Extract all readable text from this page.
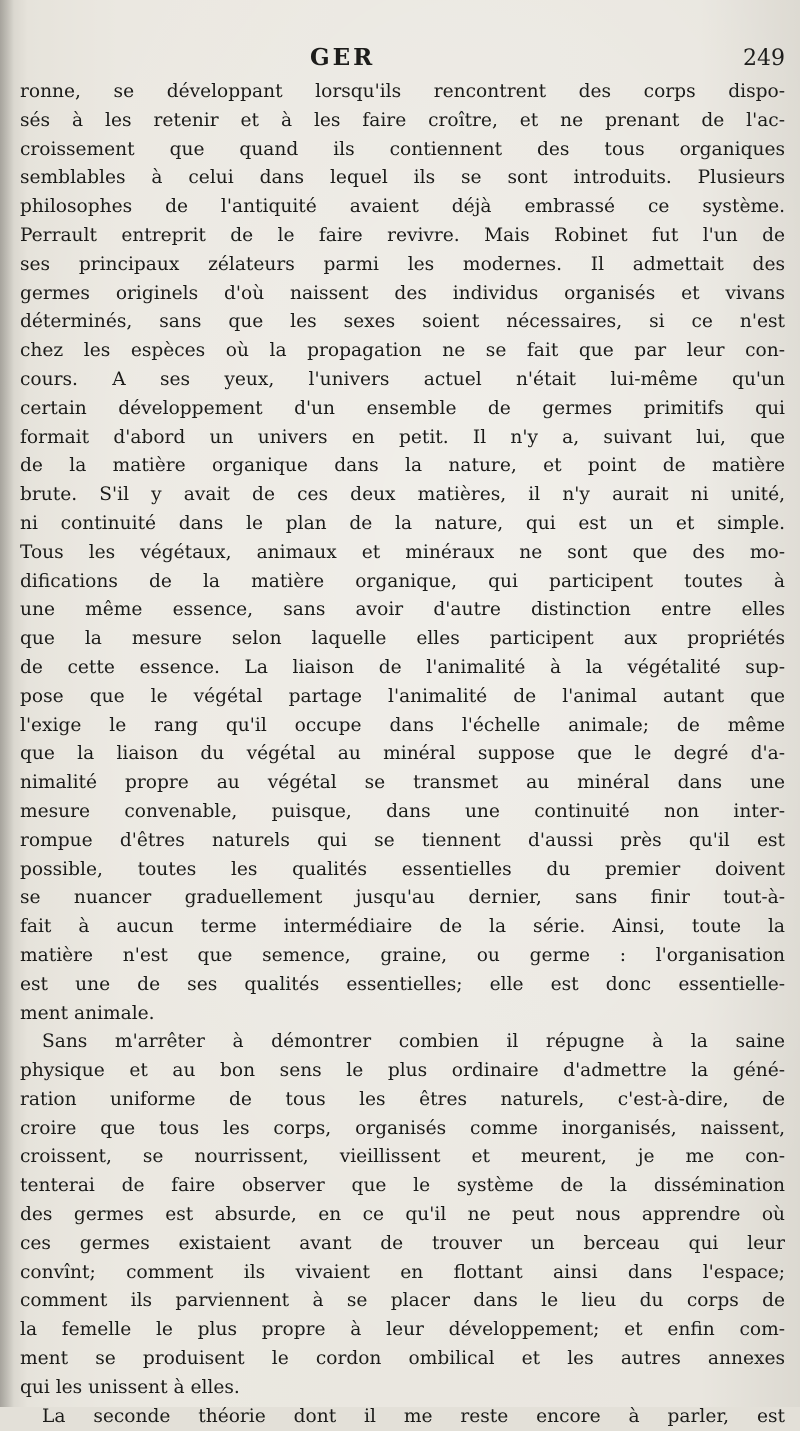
GER	249
ronne, se développant lorsqu'ils rencontrent des corps dispo-
sés à les retenir et à les faire croître, et ne prenant de l'ac-
croissement que quand ils contiennent des tous organiques
semblables à celui dans lequel ils se sont introduits. Plusieurs
philosophes de l'antiquité avaient déjà embrassé ce système.
Perrault entreprit de le faire revivre. Mais Robinet fut l'un de
ses principaux zélateurs parmi les modernes. Il admettait des
germes originels d'où naissent des individus organisés et vivans
déterminés, sans que les sexes soient nécessaires, si ce n'est
chez les espèces où la propagation ne se fait que par leur con-
cours. A ses yeux, l'univers actuel n'était lui-même qu'un
certain développement d'un ensemble de germes primitifs qui
formait d'abord un univers en petit. Il n'y a, suivant lui, que
de la matière organique dans la nature, et point de matière
brute. S'il y avait de ces deux matières, il n'y aurait ni unité,
ni continuité dans le plan de la nature, qui est un et simple.
Tous les végétaux, animaux et minéraux ne sont que des mo-
difications de la matière organique, qui participent toutes à
une même essence, sans avoir d'autre distinction entre elles
que la mesure selon laquelle elles participent aux propriétés
de cette essence. La liaison de l'animalité à la végétalité sup-
pose que le végétal partage l'animalité de l'animal autant que
l'exige le rang qu'il occupe dans l'échelle animale; de même
que la liaison du végétal au minéral suppose que le degré d'a-
nimalité propre au végétal se transmet au minéral dans une
mesure convenable, puisque, dans une continuité non inter-
rompue d'êtres naturels qui se tiennent d'aussi près qu'il est
possible, toutes les qualités essentielles du premier doivent
se nuancer graduellement jusqu'au dernier, sans finir tout-à-
fait à aucun terme intermédiaire de la série. Ainsi, toute la
matière n'est que semence, graine, ou germe : l'organisation
est une de ses qualités essentielles; elle est donc essentielle-
ment animale.
Sans m'arrêter à démontrer combien il répugne à la saine
physique et au bon sens le plus ordinaire d'admettre la géné-
ration uniforme de tous les êtres naturels, c'est-à-dire, de
croire que tous les corps, organisés comme inorganisés, naissent,
croissent, se nourrissent, vieillissent et meurent, je me con-
tenterai de faire observer que le système de la dissémination
des germes est absurde, en ce qu'il ne peut nous apprendre où
ces germes existaient avant de trouver un berceau qui leur
convînt; comment ils vivaient en flottant ainsi dans l'espace;
comment ils parviennent à se placer dans le lieu du corps de
la femelle le plus propre à leur développement; et enfin com-
ment se produisent le cordon ombilical et les autres annexes
qui les unissent à elles.
La seconde théorie dont il me reste encore à parler, est
